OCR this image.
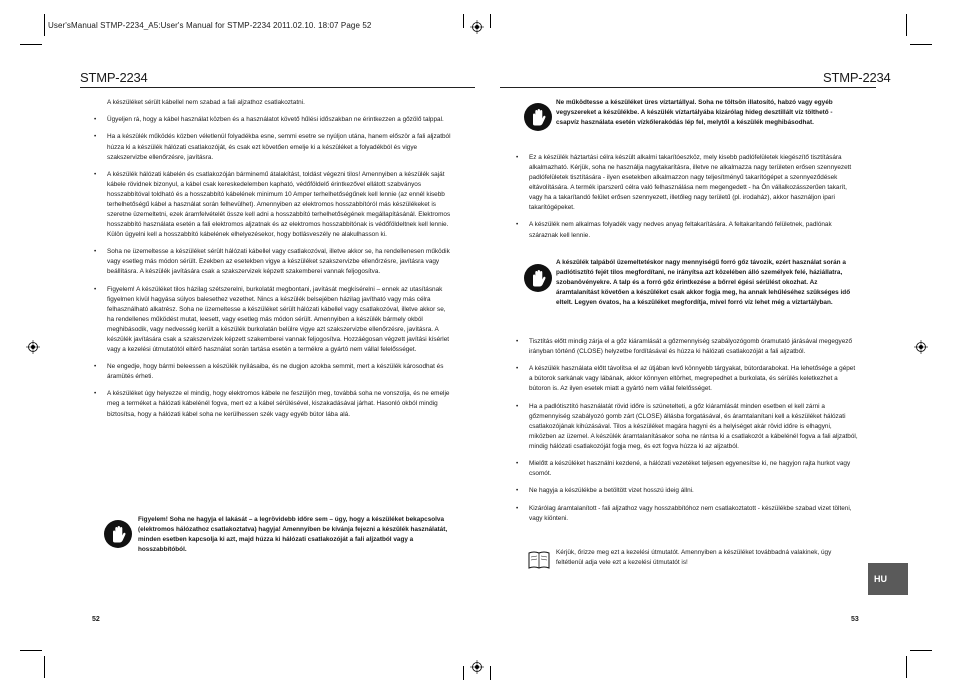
User'sManual STMP-2234_A5:User's Manual for STMP-2234 2011.02.10. 18:07 Page 52
STMP-2234

A készüléket sérült kábellel nem szabad a fali aljzathoz csatlakoztatni.

• Ügyeljen rá, hogy a kábel használat közben és a használatot követő hűlési időszakban ne érintkezzen a gőzölő talppal.

• Ha a készülék működés közben véletlenül folyadékba esne, semmi esetre se nyúljon utána, hanem először a fali aljzatból húzza ki a készülék hálózati csatlakozóját, és csak ezt követően emelje ki a készüléket a folyadékból és vigye szakszervizbe ellenőrzésre, javításra.

• A készülék hálózati kábelén és csatlakozóján bárminemű átalakítást, toldást végezni tilos! Amennyiben a készülék saját kábele rövidnek bizonyul, a kábel csak kereskedelemben kapható, védőföldelő érintkezővel ellátott szabványos hosszabbítóval toldható és a hosszabbító kábelének minimum 10 Amper terhelhetőségűnek kell lennie (az ennél kisebb terhelhetőségű kábel a használat során felhevülhet). Amennyiben az elektromos hosszabbítóról más készülékeket is szeretne üzemeltetni, ezek áramfelvételét össze kell adni a hosszabbító terhelhetőségének megállapításánál. Elektromos hosszabbító használata esetén a fali elektromos aljzatnak és az elektromos hosszabbítónak is védőföldeltnek kell lennie. Külön ügyelni kell a hosszabbító kábelének elhelyezésekor, hogy botlásveszély ne alakulhasson ki.

• Soha ne üzemeltesse a készüléket sérült hálózati kábellel vagy csatlakozóval, illetve akkor se, ha rendellenesen működik vagy esetleg más módon sérült. Ezekben az esetekben vigye a készüléket szakszervizbe ellenőrzésre, javításra vagy beállításra. A készülék javítására csak a szakszervizek képzett szakemberei vannak feljogosítva.

• Figyelem! A készüléket tilos házilag szétszerelni, burkolatát megbontani, javítását megkísérelni – ennek az utasításnak figyelmen kívül hagyása súlyos balesethez vezethet. Nincs a készülék belsejében házilag javítható vagy más célra felhasználható alkatrész. Soha ne üzemeltesse a készüléket sérült hálózati kábellel vagy csatlakozóval, illetve akkor se, ha rendellenes működést mutat, leesett, vagy esetleg más módon sérült. Amennyiben a készülék bármely okból meghibásodik, vagy nedvesség került a készülék burkolatán belülre vigye azt szakszervizbe ellenőrzésre, javításra. A készülék javítására csak a szakszervizek képzett szakemberei vannak feljogosítva. Hozzáégosan végzett javítási kísérlet vagy a kezelési útmutatótól eltérő használat során tartása esetén a termékre a gyártó nem vállal felelősséget.

• Ne engedje, hogy bármi beleessen a készülék nyílásaiba, és ne dugjon azokba semmit, mert a készülék károsodhat és áramütés érheti.

• A készüléket úgy helyezze el mindig, hogy elektromos kábele ne feszüljön meg, továbbá soha ne vonszolja, és ne emelje meg a terméket a hálózati kábelénél fogva, mert ez a kábel sérülésével, kiszakadásával járhat. Hasonló okból mindig biztosítsa, hogy a hálózati kábel soha ne kerülhessen szék vagy egyéb bútor lába alá.

Figyelem! Soha ne hagyja el lakását – a legrövidebb időre sem – úgy, hogy a készüléket bekapcsolva (elektromos hálózathoz csatlakoztatva) hagyja! Amennyiben be kívánja fejezni a készülék használatát, minden esetben kapcsolja ki azt, majd húzza ki hálózati csatlakozóját a fali aljzatból vagy a hosszabbítóból.
52
STMP-2234
Ne működtesse a készüléket üres víztartállyal. Soha ne töltsön illatosító, habzó vagy egyéb vegyszereket a készülékbe. A készülék víztartályába kizárólag hideg desztillált víz tölthető - csapvíz használata esetén vízkőlerakódás lép fel, melytől a készülék meghibásodhat.

• Ez a készülék háztartási célra készült alkalmi takarítóeszköz, mely kisebb padlófelületek kiegészítő tisztítására alkalmazható. Kérjük, soha ne használja nagytakarításra, illetve ne alkalmazza nagy területen erősen szennyezett padlófelületek tisztítására - ilyen esetekben alkalmazzon nagy teljesítményű takarítógépet a szennyeződések eltávolítására. A termék iparszerű célra való felhasználása nem megengedett - ha Ön vállalkozásszerűen takarít, vagy ha a takarítandó felület erősen szennyezett, illetőleg nagy területű (pl. irodaház), akkor használjon ipari takarítógépeket.

• A készülék nem alkalmas folyadék vagy nedves anyag feltakarítására. A feltakarítandó felületnek, padlónak száraznak kell lennie.

A készülék talpából üzemeltetéskor nagy mennyiségű forró gőz távozik, ezért használat során a padlótisztító fejét tilos megfordítani, ne irányítsa azt közelében álló személyek felé, háziállatra, szobanövényekre. A talp és a forró gőz érintkezése a bőrrel égési sérülést okozhat. Az áramtalanítást követően a készüléket csak akkor fogja meg, ha annak lehűléséhez szükséges idő eltelt. Legyen óvatos, ha a készüléket megfordítja, mivel forró víz lehet még a víztartályban.

• Tisztítás előtt mindig zárja el a gőz kiáramlását a gőzmennyiség szabályozógomb óramutató járásával megegyező irányban történő (CLOSE) helyzetbe fordításával és húzza ki hálózati csatlakozóját a fali aljzatból.

• A készülék használata előtt távolítsa el az útjában levő könnyebb tárgyakat, bútordarabokat. Ha lehetősége a gépet a bútorok sarkának vagy lábának, akkor könnyen eltörhet, megrepedhet a burkolata, és sérülés keletkezhet a bútoron is. Az ilyen esetek miatt a gyártó nem vállal felelősséget.

• Ha a padlótisztító használatát rövid időre is szünetelteti, a gőz kiáramlását minden esetben el kell zárni a gőzmennyiség szabályozó gomb zárt (CLOSE) állásba forgatásával, és áramtalanítani kell a készüléket hálózati csatlakozójának kihúzásával. Tilos a készüléket magára hagyni és a helyiséget akár rövid időre is elhagyni, miközben az üzemel. A készülék áramtalanításakor soha ne rántsa ki a csatlakozót a kábelénél fogva a fali aljzatból, mindig hálózati csatlakozóját fogja meg, és ezt fogva húzza ki az aljzatból.

• Mielőtt a készüléket használni kezdené, a hálózati vezetéket teljesen egyenesítse ki, ne hagyjon rajta hurkot vagy csomót.

• Ne hagyja a készülékbe a betöltött vizet hosszú ideig állni.

• Kizárólag áramtalanított - fali aljzathoz vagy hosszabbítóhoz nem csatlakoztatott - készülékbe szabad vizet tölteni, vagy kiönteni.

Kérjük, őrizze meg ezt a kezelési útmutatót. Amennyiben a készüléket továbbadná valakinek, úgy feltétlenül adja vele ezt a kezelési útmutatót is!
HU
53
